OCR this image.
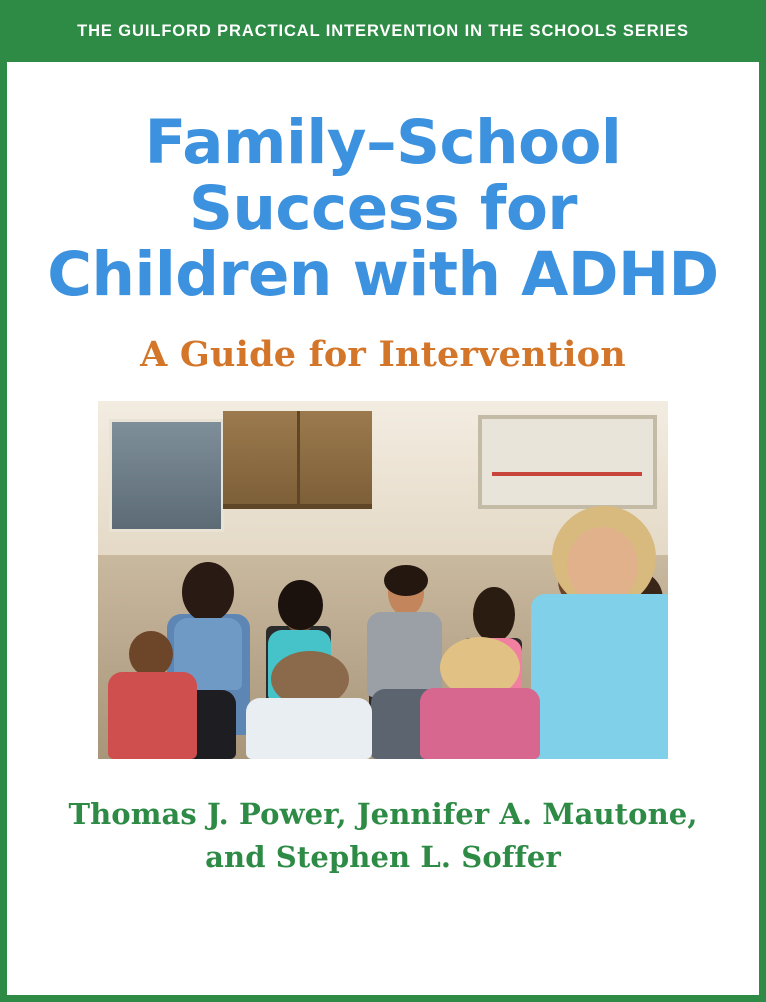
THE GUILFORD PRACTICAL INTERVENTION IN THE SCHOOLS SERIES
Family–School
Success for
Children with ADHD
A Guide for Intervention
Thomas J. Power, Jennifer A. Mautone,
and Stephen L. Soffer
